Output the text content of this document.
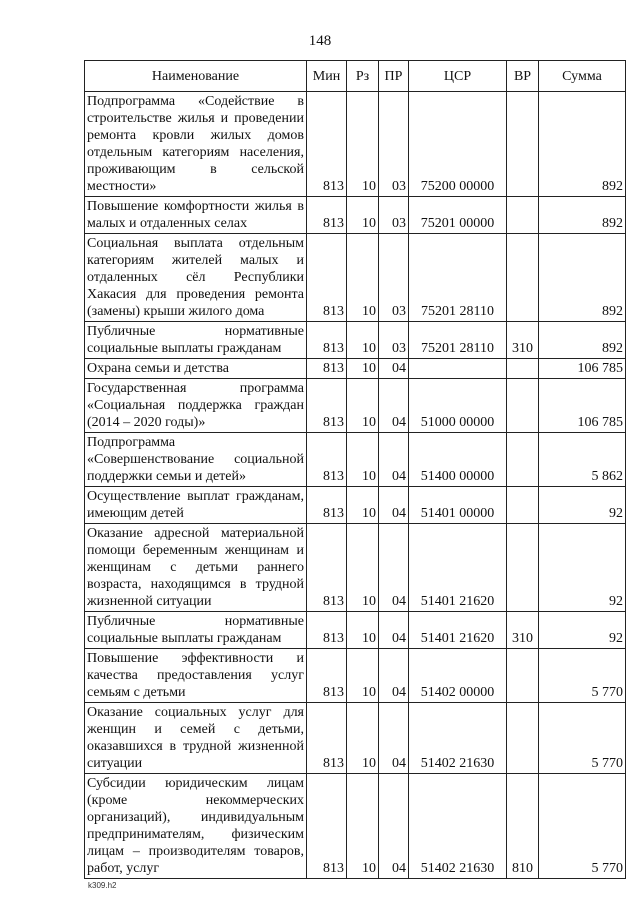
148
Наименование	Мин	Рз	ПР	ЦСР	ВР	Сумма
Подпрограмма «Содействие в строительстве жилья и проведении ремонта кровли жилых домов отдельным категориям населения, проживающим в сельской местности»	813	10	03	75200 00000		892
Повышение комфортности жилья в малых и отдаленных селах	813	10	03	75201 00000		892
Социальная выплата отдельным категориям жителей малых и отдаленных сёл Республики Хакасия для проведения ремонта (замены) крыши жилого дома	813	10	03	75201 28110		892
Публичные нормативные социальные выплаты гражданам	813	10	03	75201 28110	310	892
Охрана семьи и детства	813	10	04			106 785
Государственная программа «Социальная поддержка граждан (2014 – 2020 годы)»	813	10	04	51000 00000		106 785
Подпрограмма «Совершенствование социальной поддержки семьи и детей»	813	10	04	51400 00000		5 862
Осуществление выплат гражданам, имеющим детей	813	10	04	51401 00000		92
Оказание адресной материальной помощи беременным женщинам и женщинам с детьми раннего возраста, находящимся в трудной жизненной ситуации	813	10	04	51401 21620		92
Публичные нормативные социальные выплаты гражданам	813	10	04	51401 21620	310	92
Повышение эффективности и качества предоставления услуг семьям с детьми	813	10	04	51402 00000		5 770
Оказание социальных услуг для женщин и семей с детьми, оказавшихся в трудной жизненной ситуации	813	10	04	51402 21630		5 770
Субсидии юридическим лицам (кроме некоммерческих организаций), индивидуальным предпринимателям, физическим лицам – производителям товаров, работ, услуг	813	10	04	51402 21630	810	5 770
k309.h2
